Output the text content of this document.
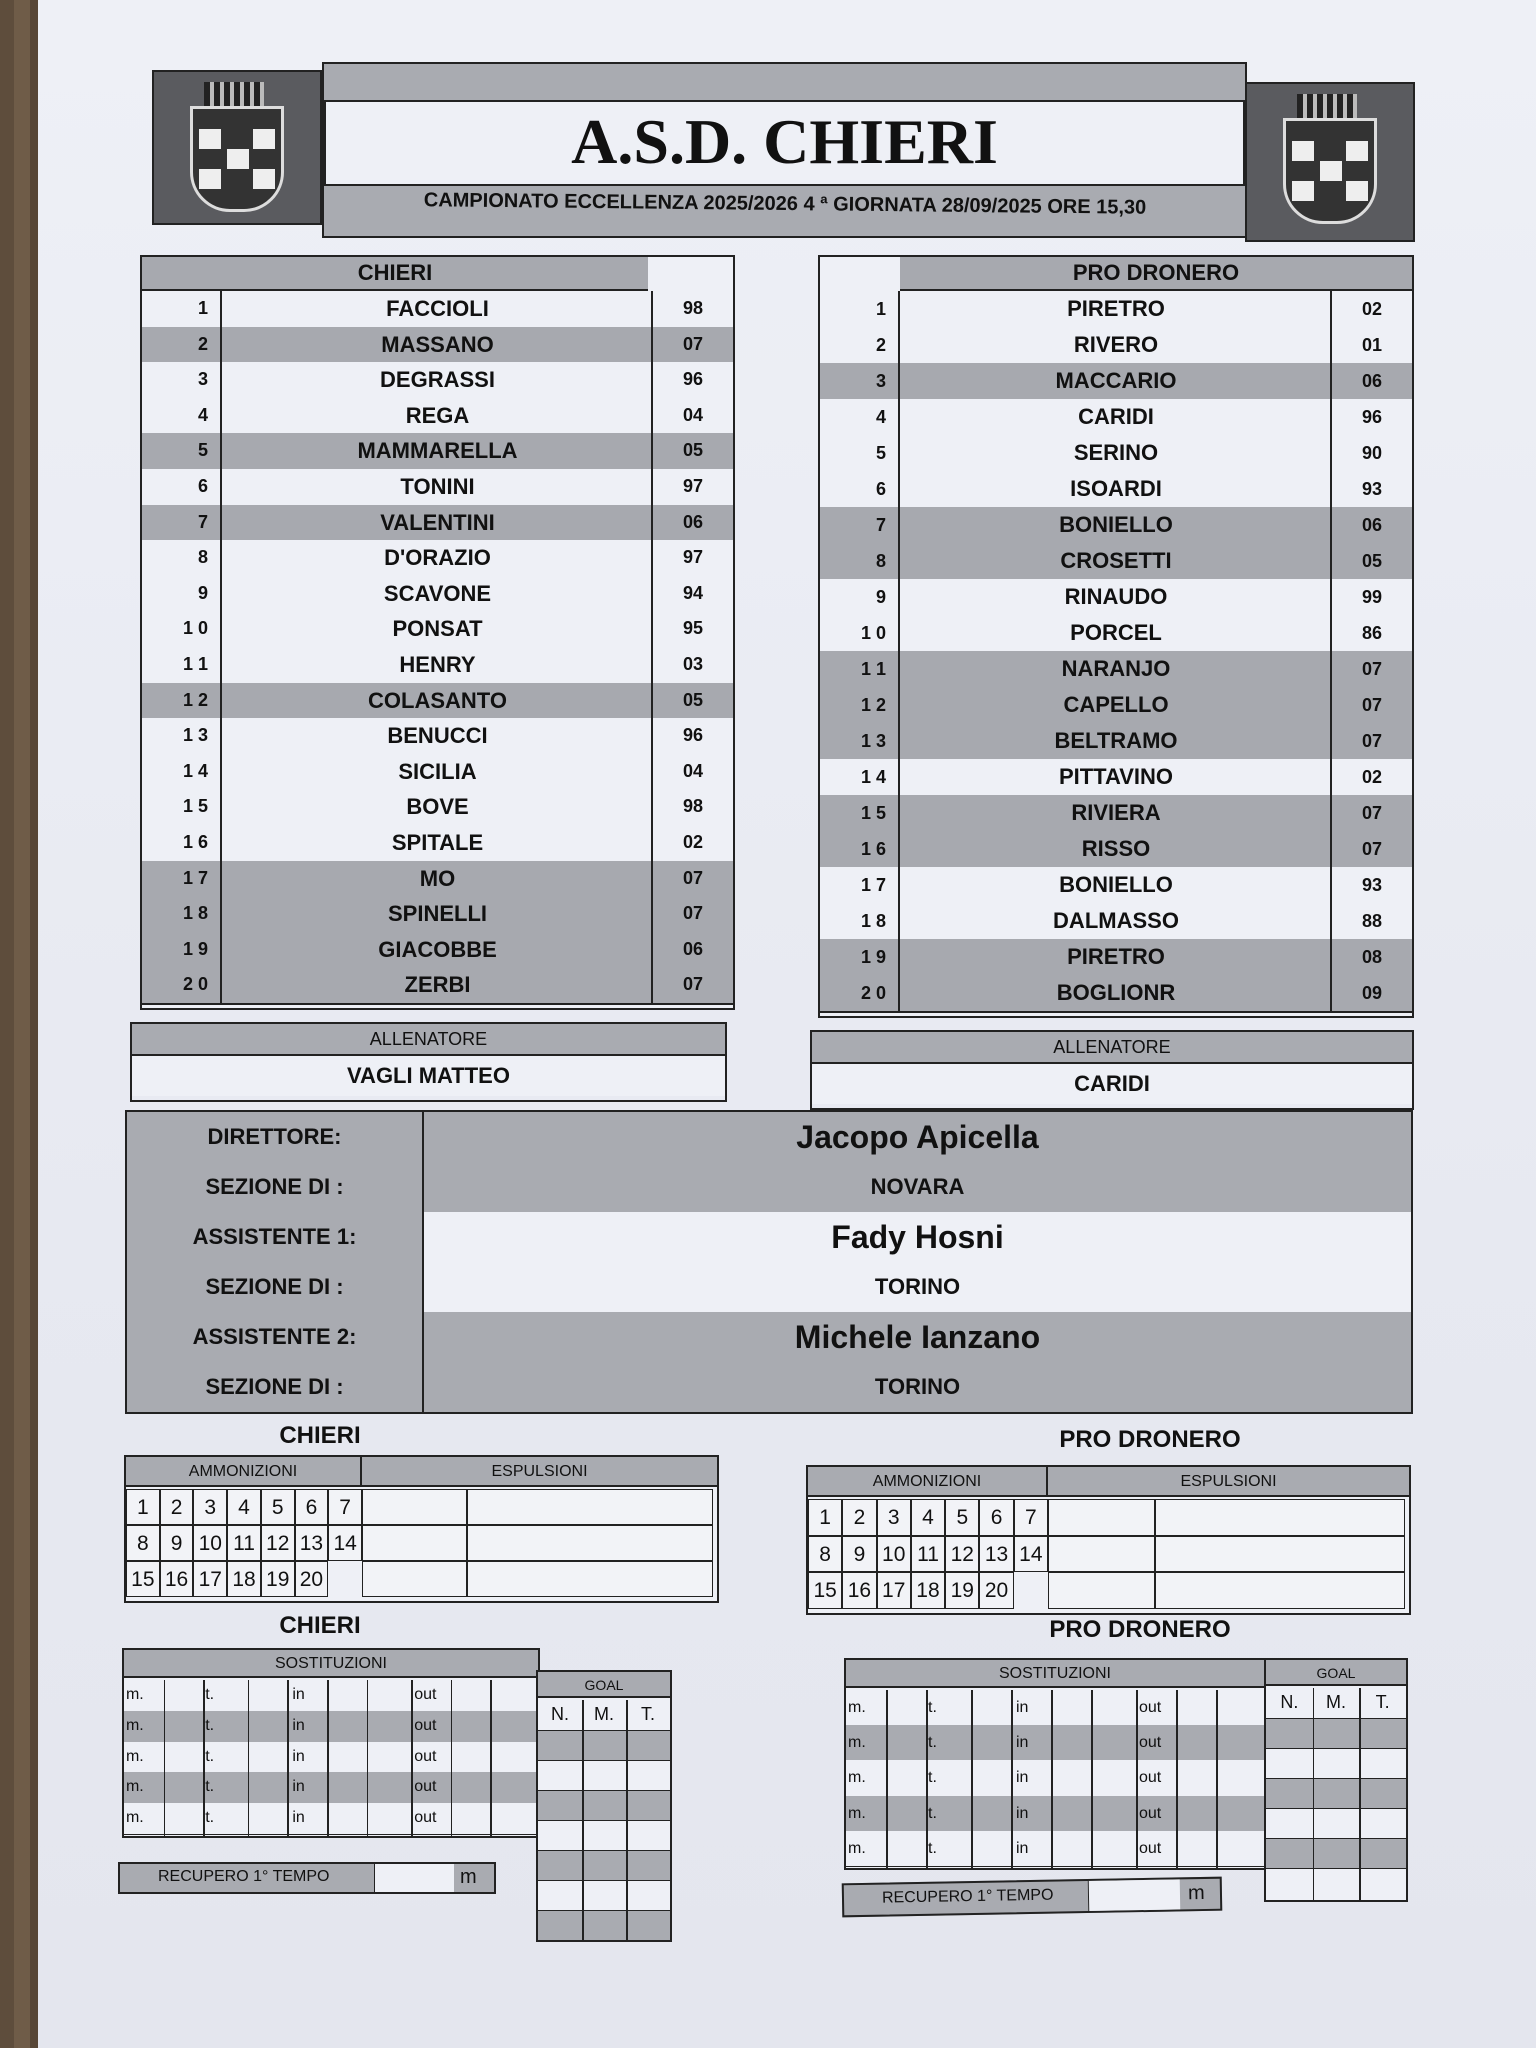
A.S.D. CHIERI
CAMPIONATO ECCELLENZA 2025/2026 4 ª GIORNATA 28/09/2025 ORE 15,30
CHIERI
1	FACCIOLI	98
2	MASSANO	07
3	DEGRASSI	96
4	REGA	04
5	MAMMARELLA	05
6	TONINI	97
7	VALENTINI	06
8	D'ORAZIO	97
9	SCAVONE	94
1 0	PONSAT	95
1 1	HENRY	03
1 2	COLASANTO	05
1 3	BENUCCI	96
1 4	SICILIA	04
1 5	BOVE	98
1 6	SPITALE	02
1 7	MO	07
1 8	SPINELLI	07
1 9	GIACOBBE	06
2 0	ZERBI	07
PRO DRONERO
1	PIRETRO	02
2	RIVERO	01
3	MACCARIO	06
4	CARIDI	96
5	SERINO	90
6	ISOARDI	93
7	BONIELLO	06
8	CROSETTI	05
9	RINAUDO	99
1 0	PORCEL	86
1 1	NARANJO	07
1 2	CAPELLO	07
1 3	BELTRAMO	07
1 4	PITTAVINO	02
1 5	RIVIERA	07
1 6	RISSO	07
1 7	BONIELLO	93
1 8	DALMASSO	88
1 9	PIRETRO	08
2 0	BOGLIONR	09
ALLENATORE
VAGLI MATTEO
ALLENATORE
CARIDI
DIRETTORE:	Jacopo Apicella
SEZIONE DI :	NOVARA
ASSISTENTE 1:	Fady Hosni
SEZIONE DI :	TORINO
ASSISTENTE 2:	Michele Ianzano
SEZIONE DI :	TORINO
CHIERI	PRO DRONERO
AMMONIZIONI	ESPULSIONI
1	2	3	4	5	6	7
8	9 10 11 12 13 14
15 16 17 18 19 20
AMMONIZIONI	ESPULSIONI
1	2	3	4	5	6	7
8	9 10 11 12 13 14
15 16 17 18 19 20
CHIERI	PRO DRONERO
SOSTITUZIONI
m.	t.	in	out
m.	t.	in	out
m.	t.	in	out
m.	t.	in	out
m.	t.	in	out
GOAL
N.	M.	T.
RECUPERO 1° TEMPO	m
SOSTITUZIONI
m.	t.	in	out
m.	t.	in	out
m.	t.	in	out
m.	t.	in	out
m.	t.	in	out
GOAL
N.	M.	T.
RECUPERO 1° TEMPO	m
